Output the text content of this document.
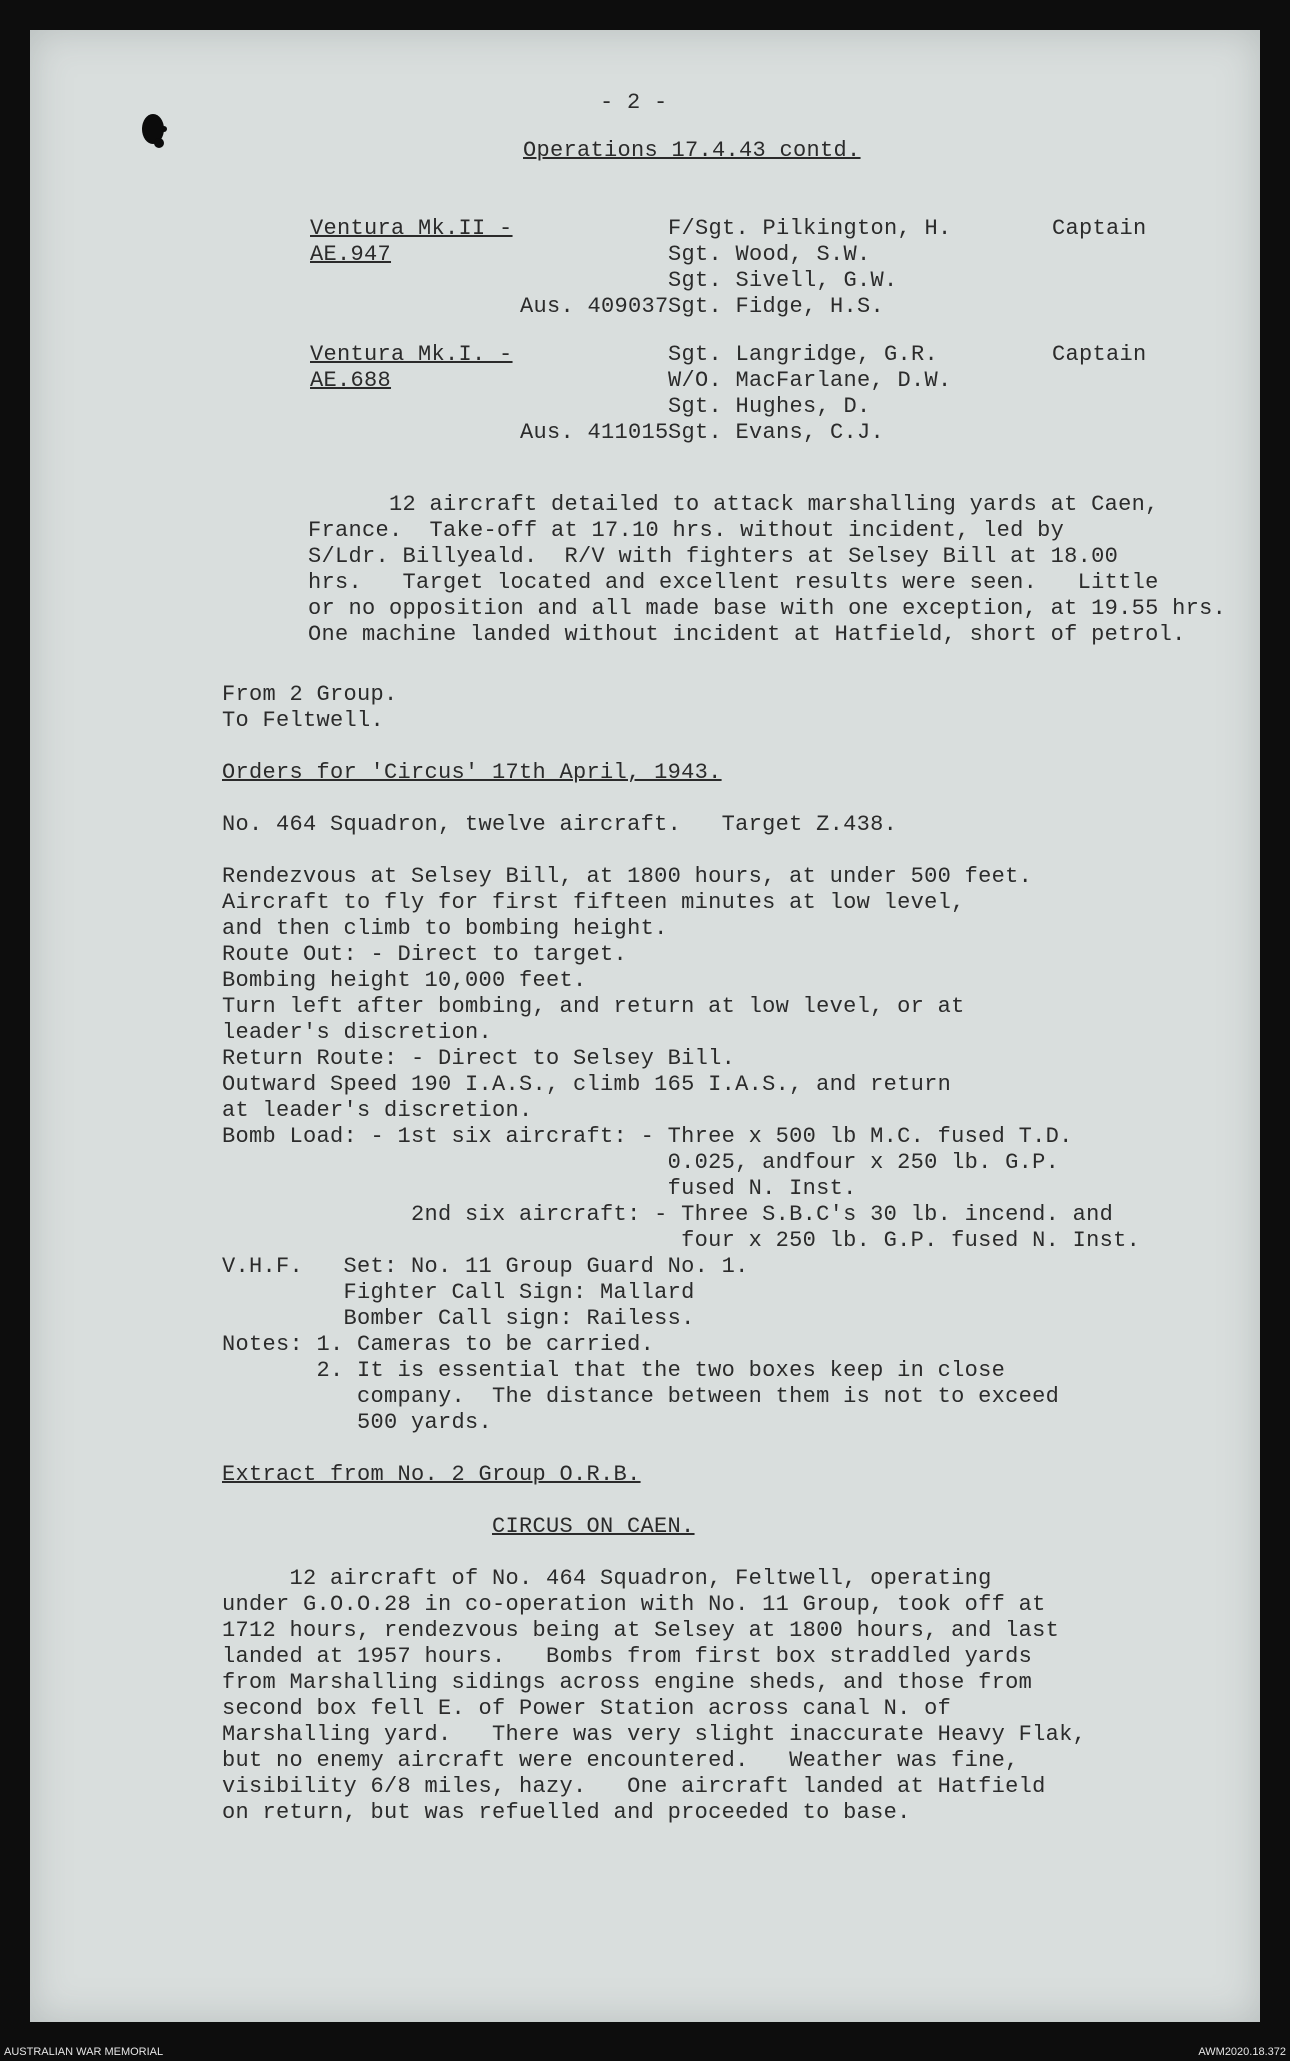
- 2 -
Operations 17.4.43 contd.
Ventura Mk.II -
AE.947
F/Sgt. Pilkington, H.	Captain
Sgt. Wood, S.W.
Sgt. Sivell, G.W.
Aus. 409037 Sgt. Fidge, H.S.
Ventura Mk.I. -
AE.688
Sgt. Langridge, G.R.	Captain
W/O. MacFarlane, D.W.
Sgt. Hughes, D.
Aus. 411015 Sgt. Evans, C.J.
12 aircraft detailed to attack marshalling yards at Caen,
France.  Take-off at 17.10 hrs. without incident, led by
S/Ldr. Billyeald.  R/V with fighters at Selsey Bill at 18.00
hrs.   Target located and excellent results were seen.   Little
or no opposition and all made base with one exception, at 19.55 hrs.
One machine landed without incident at Hatfield, short of petrol.
From 2 Group.
To Feltwell.
Orders for 'Circus' 17th April, 1943.
No. 464 Squadron, twelve aircraft.   Target Z.438.
Rendezvous at Selsey Bill, at 1800 hours, at under 500 feet.
Aircraft to fly for first fifteen minutes at low level,
and then climb to bombing height.
Route Out: - Direct to target.
Bombing height 10,000 feet.
Turn left after bombing, and return at low level, or at
leader's discretion.
Return Route: - Direct to Selsey Bill.
Outward Speed 190 I.A.S., climb 165 I.A.S., and return
at leader's discretion.
Bomb Load: - 1st six aircraft: - Three x 500 lb M.C. fused T.D.
0.025, andfour x 250 lb. G.P.
fused N. Inst.
2nd six aircraft: - Three S.B.C's 30 lb. incend. and
four x 250 lb. G.P. fused N. Inst.
V.H.F.   Set: No. 11 Group Guard No. 1.
Fighter Call Sign: Mallard
Bomber Call sign: Railess.
Notes: 1. Cameras to be carried.
2. It is essential that the two boxes keep in close
company.  The distance between them is not to exceed
500 yards.
Extract from No. 2 Group O.R.B.
CIRCUS ON CAEN.
12 aircraft of No. 464 Squadron, Feltwell, operating
under G.O.O.28 in co-operation with No. 11 Group, took off at
1712 hours, rendezvous being at Selsey at 1800 hours, and last
landed at 1957 hours.   Bombs from first box straddled yards
from Marshalling sidings across engine sheds, and those from
second box fell E. of Power Station across canal N. of
Marshalling yard.   There was very slight inaccurate Heavy Flak,
but no enemy aircraft were encountered.   Weather was fine,
visibility 6/8 miles, hazy.   One aircraft landed at Hatfield
on return, but was refuelled and proceeded to base.
AUSTRALIAN WAR MEMORIAL	AWM2020.18.372
